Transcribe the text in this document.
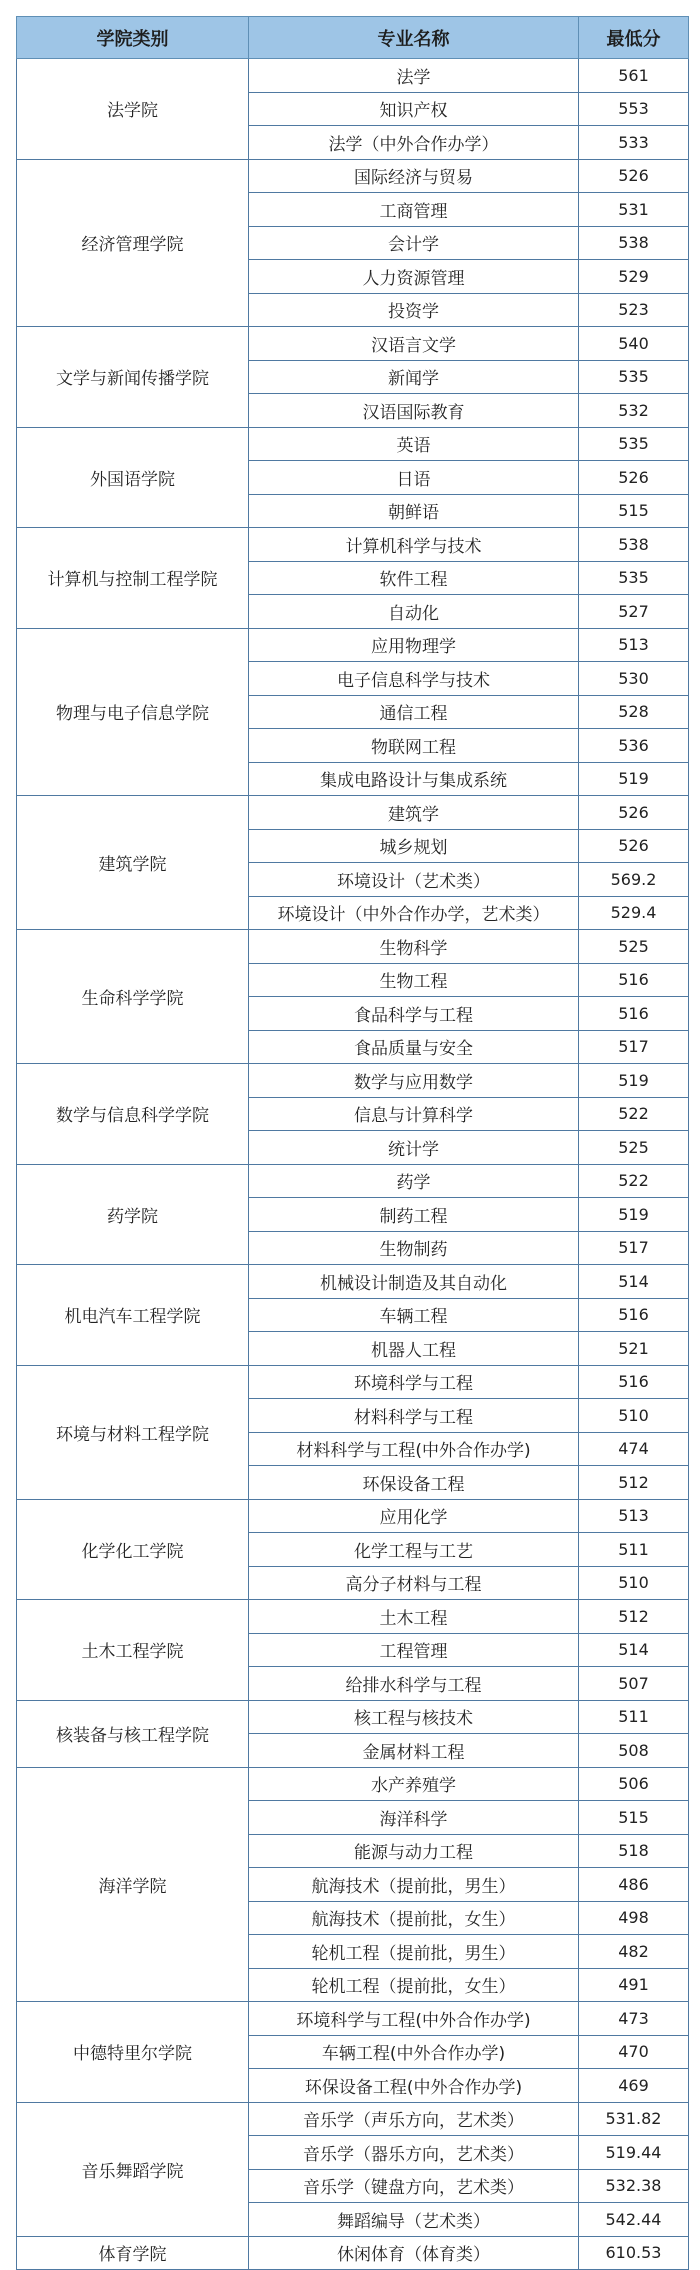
学院类别	专业名称	最低分
法学院	法学	561
	知识产权	553
	法学（中外合作办学）	533
经济管理学院	国际经济与贸易	526
	工商管理	531
	会计学	538
	人力资源管理	529
	投资学	523
文学与新闻传播学院	汉语言文学	540
	新闻学	535
	汉语国际教育	532
外国语学院	英语	535
	日语	526
	朝鲜语	515
计算机与控制工程学院	计算机科学与技术	538
	软件工程	535
	自动化	527
物理与电子信息学院	应用物理学	513
	电子信息科学与技术	530
	通信工程	528
	物联网工程	536
	集成电路设计与集成系统	519
建筑学院	建筑学	526
	城乡规划	526
	环境设计（艺术类）	569.2
	环境设计（中外合作办学，艺术类）	529.4
生命科学学院	生物科学	525
	生物工程	516
	食品科学与工程	516
	食品质量与安全	517
数学与信息科学学院	数学与应用数学	519
	信息与计算科学	522
	统计学	525
药学院	药学	522
	制药工程	519
	生物制药	517
机电汽车工程学院	机械设计制造及其自动化	514
	车辆工程	516
	机器人工程	521
环境与材料工程学院	环境科学与工程	516
	材料科学与工程	510
	材料科学与工程(中外合作办学)	474
	环保设备工程	512
化学化工学院	应用化学	513
	化学工程与工艺	511
	高分子材料与工程	510
土木工程学院	土木工程	512
	工程管理	514
	给排水科学与工程	507
核装备与核工程学院	核工程与核技术	511
	金属材料工程	508
海洋学院	水产养殖学	506
	海洋科学	515
	能源与动力工程	518
	航海技术（提前批，男生）	486
	航海技术（提前批，女生）	498
	轮机工程（提前批，男生）	482
	轮机工程（提前批，女生）	491
中德特里尔学院	环境科学与工程(中外合作办学)	473
	车辆工程(中外合作办学)	470
	环保设备工程(中外合作办学)	469
音乐舞蹈学院	音乐学（声乐方向，艺术类）	531.82
	音乐学（器乐方向，艺术类）	519.44
	音乐学（键盘方向，艺术类）	532.38
	舞蹈编导（艺术类）	542.44
体育学院	休闲体育（体育类）	610.53
